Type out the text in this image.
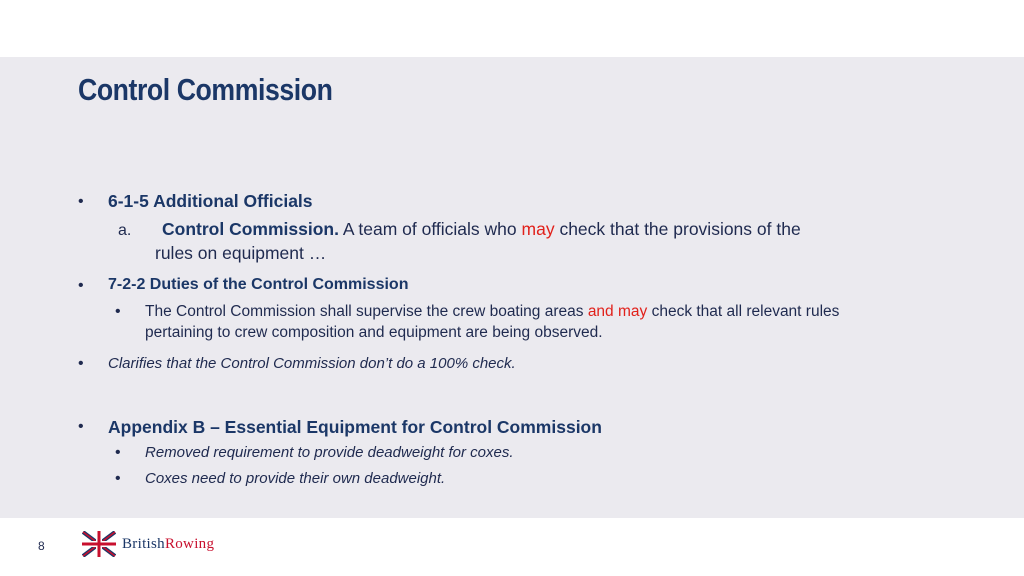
Control Commission
• 6-1-5 Additional Officials
a. Control Commission. A team of officials who may check that the provisions of the
rules on equipment …
• 7-2-2 Duties of the Control Commission
• The Control Commission shall supervise the crew boating areas and may check that all relevant rules
pertaining to crew composition and equipment are being observed.
• Clarifies that the Control Commission don’t do a 100% check.
• Appendix B – Essential Equipment for Control Commission
• Removed requirement to provide deadweight for coxes.
• Coxes need to provide their own deadweight.
8	BritishRowing
